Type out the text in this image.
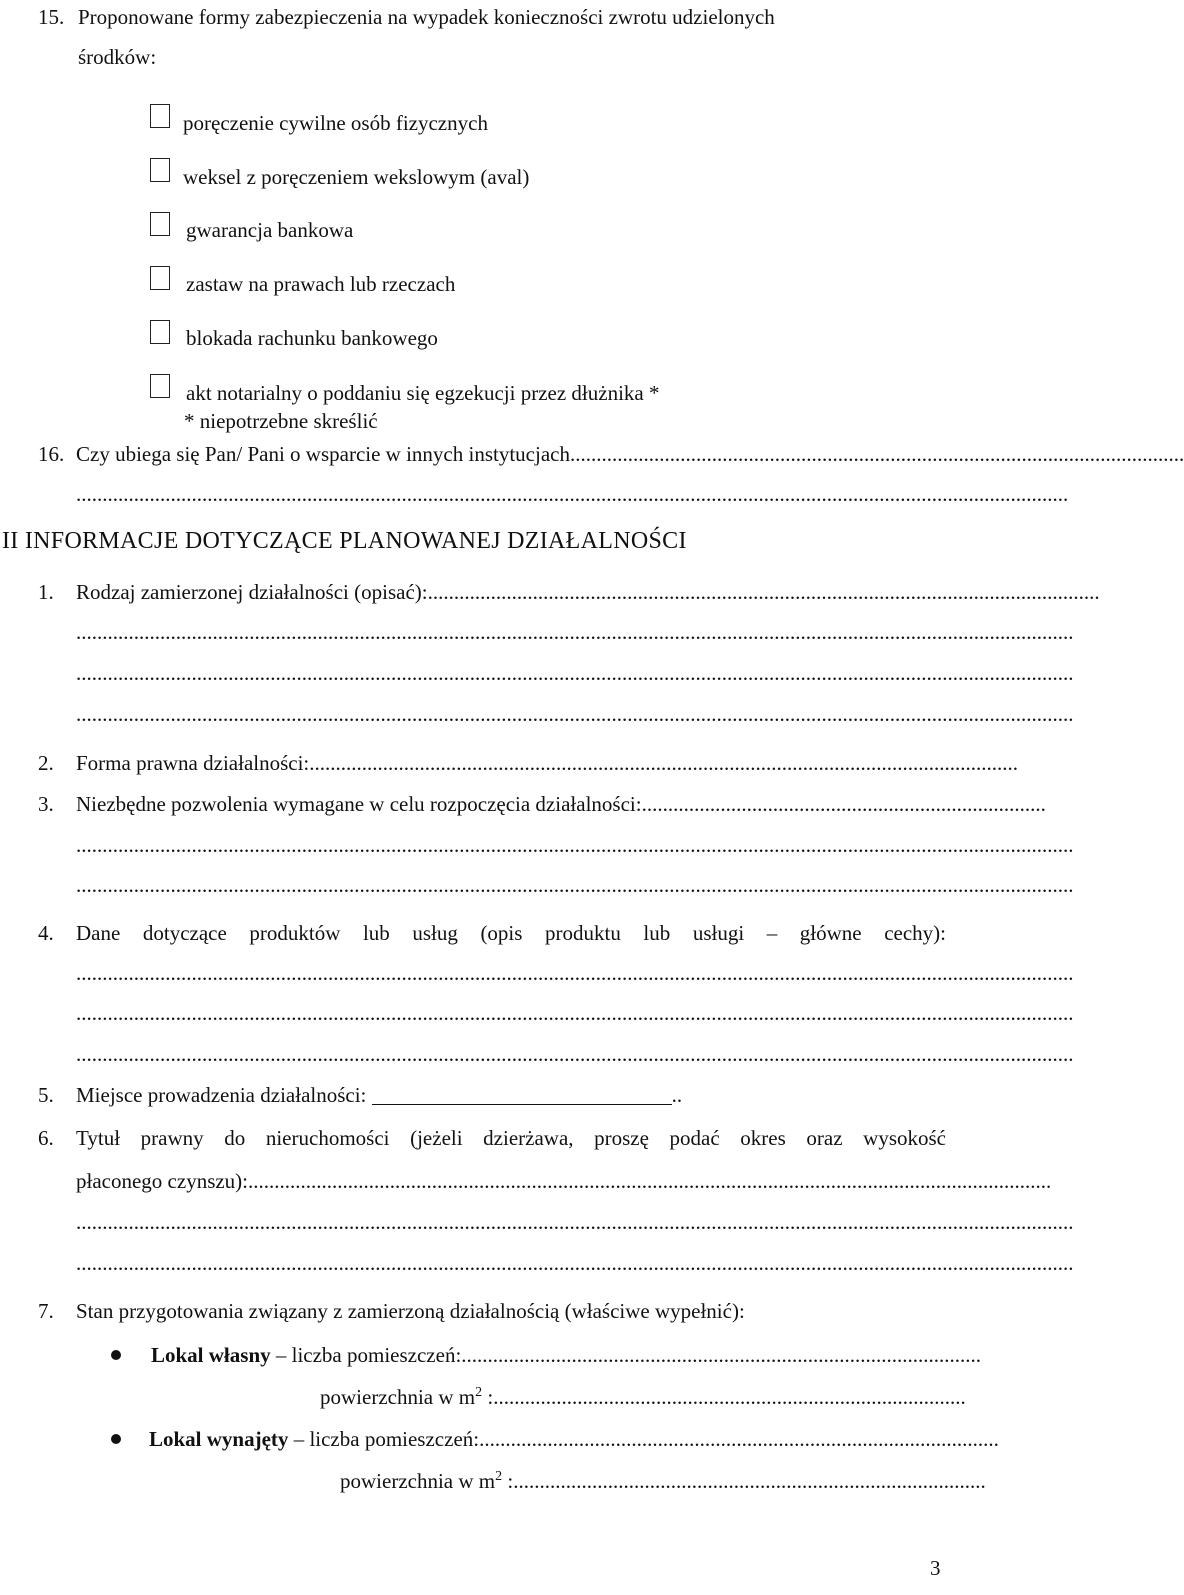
15. Proponowane formy zabezpieczenia na wypadek konieczności zwrotu udzielonych
środków:
poręczenie cywilne osób fizycznych
weksel z poręczeniem wekslowym (aval)
gwarancja bankowa
zastaw na prawach lub rzeczach
blokada rachunku bankowego
akt notarialny o poddaniu się egzekucji przez dłużnika *
* niepotrzebne skreślić
16. Czy ubiega się Pan/ Pani o wsparcie w innych instytucjach.....................................................................................................................
.............................................................................................................................................................................................
II INFORMACJE DOTYCZĄCE PLANOWANEJ DZIAŁALNOŚCI
1. Rodzaj zamierzonej działalności (opisać):................................................................................................................................
..............................................................................................................................................................................................
..............................................................................................................................................................................................
..............................................................................................................................................................................................
2. Forma prawna działalności:.......................................................................................................................................
3. Niezbędne pozwolenia wymagane w celu rozpoczęcia działalności:.............................................................................
..............................................................................................................................................................................................
..............................................................................................................................................................................................
4. Dane dotyczące produktów lub usług (opis produktu lub usługi – główne cechy):
..............................................................................................................................................................................................
..............................................................................................................................................................................................
..............................................................................................................................................................................................
5. Miejsce prowadzenia działalności:	..
6. Tytuł prawny do nieruchomości (jeżeli dzierżawa, proszę podać okres oraz wysokość
płaconego czynszu):.........................................................................................................................................................
..............................................................................................................................................................................................
..............................................................................................................................................................................................
7. Stan przygotowania związany z zamierzoną działalnością (właściwe wypełnić):
Lokal własny – liczba pomieszczeń:...................................................................................................
powierzchnia w $m^2$ :..........................................................................................
Lokal wynajęty – liczba pomieszczeń:...................................................................................................
powierzchnia w $m^2$ :..........................................................................................
3
